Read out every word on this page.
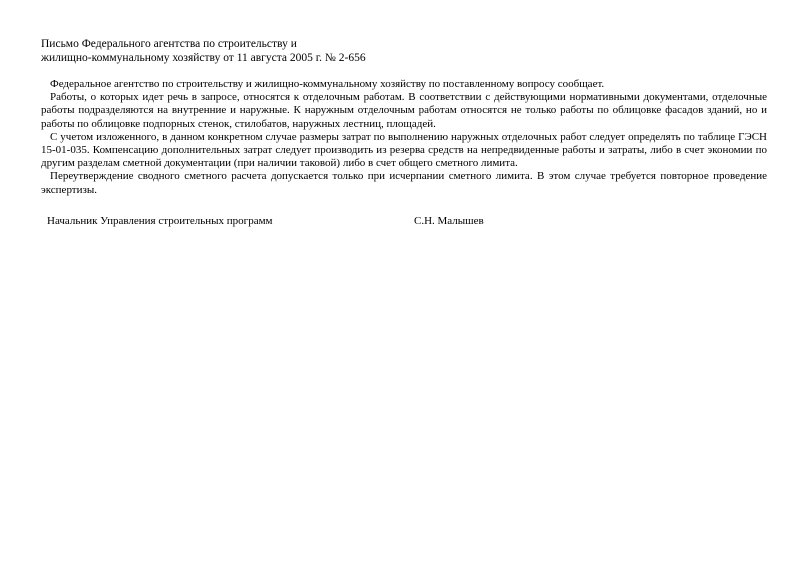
Письмо Федерального агентства по строительству и
жилищно-коммунальному хозяйству от 11 августа 2005 г. № 2-656

Федеральное агентство по строительству и жилищно-коммунальному хозяйству по поставленному вопросу сообщает.

Работы, о которых идет речь в запросе, относятся к отделочным работам. В соответствии с действующими нормативными документами, отделочные работы подразделяются на внутренние и наружные. К наружным отделочным работам относятся не только работы по облицовке фасадов зданий, но и работы по облицовке подпорных стенок, стилобатов, наружных лестниц, площадей.

С учетом изложенного, в данном конкретном случае размеры затрат по выполнению наружных отделочных работ следует определять по таблице ГЭСН 15-01-035. Компенсацию дополнительных затрат следует производить из резерва средств на непредвиденные работы и затраты, либо в счет экономии по другим разделам сметной документации (при наличии таковой) либо в счет общего сметного лимита.

Переутверждение сводного сметного расчета допускается только при исчерпании сметного лимита. В этом случае требуется повторное проведение экспертизы.

Начальник Управления строительных программ	С.Н. Малышев
